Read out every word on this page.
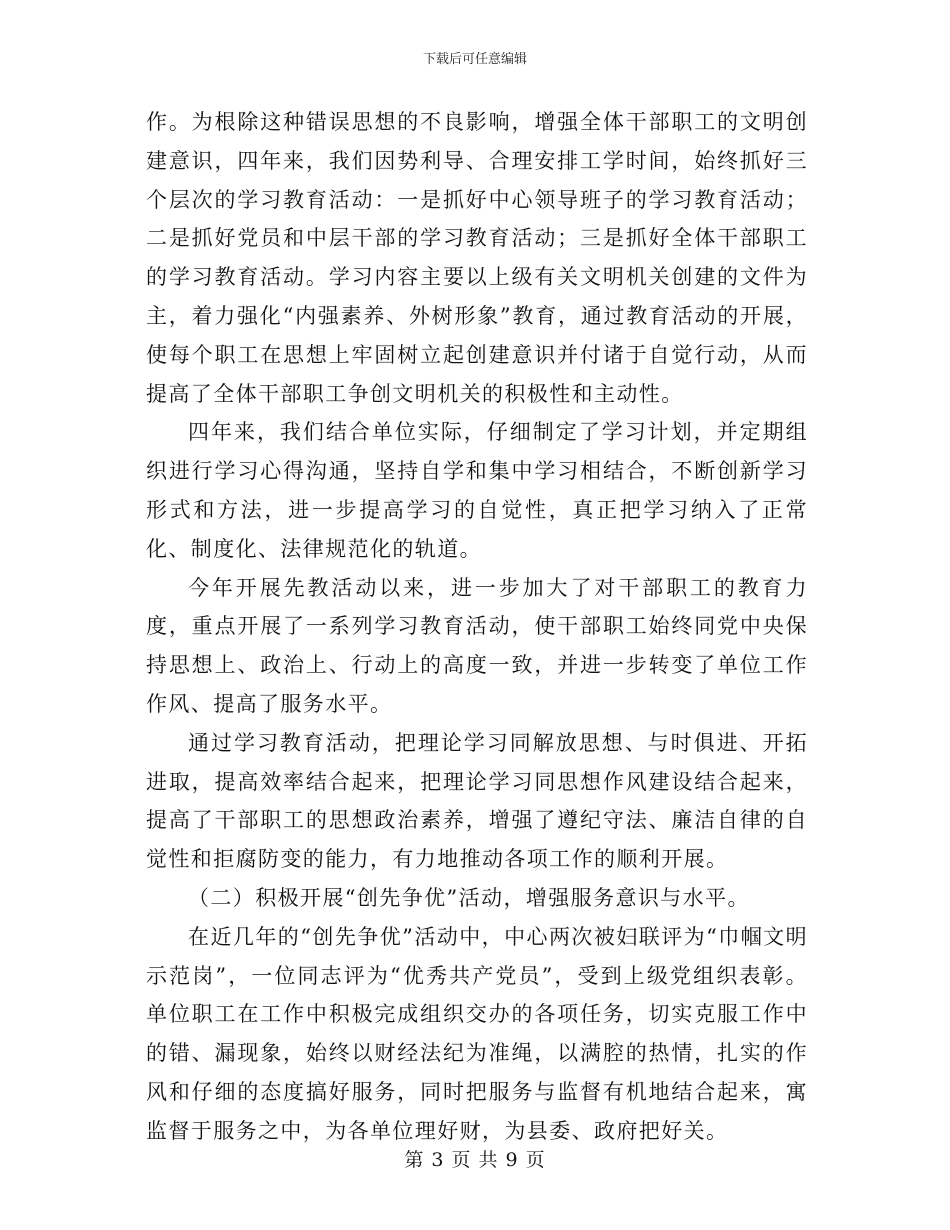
下载后可任意编辑

作。为根除这种错误思想的不良影响，增强全体干部职工的文明创建意识，四年来，我们因势利导、合理安排工学时间，始终抓好三个层次的学习教育活动：一是抓好中心领导班子的学习教育活动；二是抓好党员和中层干部的学习教育活动；三是抓好全体干部职工的学习教育活动。学习内容主要以上级有关文明机关创建的文件为主，着力强化“内强素养、外树形象”教育，通过教育活动的开展，使每个职工在思想上牢固树立起创建意识并付诸于自觉行动，从而提高了全体干部职工争创文明机关的积极性和主动性。

四年来，我们结合单位实际，仔细制定了学习计划，并定期组织进行学习心得沟通，坚持自学和集中学习相结合，不断创新学习形式和方法，进一步提高学习的自觉性，真正把学习纳入了正常化、制度化、法律规范化的轨道。

今年开展先教活动以来，进一步加大了对干部职工的教育力度，重点开展了一系列学习教育活动，使干部职工始终同党中央保持思想上、政治上、行动上的高度一致，并进一步转变了单位工作作风、提高了服务水平。

通过学习教育活动，把理论学习同解放思想、与时俱进、开拓进取，提高效率结合起来，把理论学习同思想作风建设结合起来，提高了干部职工的思想政治素养，增强了遵纪守法、廉洁自律的自觉性和拒腐防变的能力，有力地推动各项工作的顺利开展。

（二）积极开展“创先争优”活动，增强服务意识与水平。

在近几年的“创先争优”活动中，中心两次被妇联评为“巾帼文明示范岗”，一位同志评为“优秀共产党员”，受到上级党组织表彰。单位职工在工作中积极完成组织交办的各项任务，切实克服工作中的错、漏现象，始终以财经法纪为准绳，以满腔的热情，扎实的作风和仔细的态度搞好服务，同时把服务与监督有机地结合起来，寓监督于服务之中，为各单位理好财，为县委、政府把好关。

第 3 页 共 9 页
